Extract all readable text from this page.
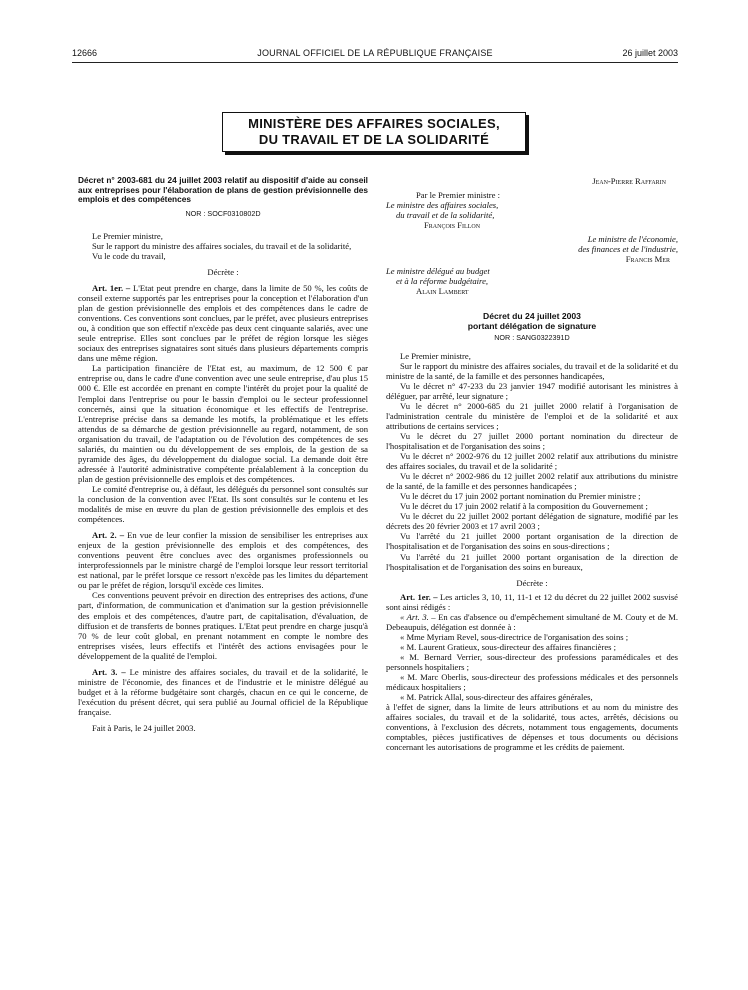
12666	JOURNAL OFFICIEL DE LA RÉPUBLIQUE FRANÇAISE	26 juillet 2003
MINISTÈRE DES AFFAIRES SOCIALES,
DU TRAVAIL ET DE LA SOLIDARITÉ

Décret n° 2003-681 du 24 juillet 2003 relatif au dispositif d'aide au conseil aux entreprises pour l'élaboration de plans de gestion prévisionnelle des emplois et des compétences

NOR : SOCF0310802D

Le Premier ministre,

Sur le rapport du ministre des affaires sociales, du travail et de la solidarité,

Vu le code du travail,

Décrète :

Art. 1er. – L'Etat peut prendre en charge, dans la limite de 50 %, les coûts de conseil externe supportés par les entreprises pour la conception et l'élaboration d'un plan de gestion prévisionnelle des emplois et des compétences dans le cadre de conventions. Ces conventions sont conclues, par le préfet, avec plusieurs entreprises ou, à condition que son effectif n'excède pas deux cent cinquante salariés, avec une seule entreprise. Elles sont conclues par le préfet de région lorsque les sièges sociaux des entreprises signataires sont situés dans plusieurs départements compris dans une même région.

La participation financière de l'Etat est, au maximum, de 12 500 € par entreprise ou, dans le cadre d'une convention avec une seule entreprise, d'au plus 15 000 €. Elle est accordée en prenant en compte l'intérêt du projet pour la qualité de l'emploi dans l'entreprise ou pour le bassin d'emploi ou le secteur professionnel concernés, ainsi que la situation économique et les effectifs de l'entreprise. L'entreprise précise dans sa demande les motifs, la problématique et les effets attendus de sa démarche de gestion prévisionnelle au regard, notamment, de son organisation du travail, de l'adaptation ou de l'évolution des compétences de ses salariés, du maintien ou du développement de ses emplois, de la gestion de sa pyramide des âges, du développement du dialogue social. La demande doit être adressée à l'autorité administrative compétente préalablement à la conception du plan de gestion prévisionnelle des emplois et des compétences.

Le comité d'entreprise ou, à défaut, les délégués du personnel sont consultés sur la conclusion de la convention avec l'Etat. Ils sont consultés sur le contenu et les modalités de mise en œuvre du plan de gestion prévisionnelle des emplois et des compétences.

Art. 2. – En vue de leur confier la mission de sensibiliser les entreprises aux enjeux de la gestion prévisionnelle des emplois et des compétences, des conventions peuvent être conclues avec des organismes professionnels ou interprofessionnels par le ministre chargé de l'emploi lorsque leur ressort territorial est national, par le préfet lorsque ce ressort n'excède pas les limites du département ou par le préfet de région, lorsqu'il excède ces limites.

Ces conventions peuvent prévoir en direction des entreprises des actions, d'une part, d'information, de communication et d'animation sur la gestion prévisionnelle des emplois et des compétences, d'autre part, de capitalisation, d'évaluation, de diffusion et de transferts de bonnes pratiques. L'Etat peut prendre en charge jusqu'à 70 % de leur coût global, en prenant notamment en compte le nombre des entreprises visées, leurs effectifs et l'intérêt des actions envisagées pour le développement de la qualité de l'emploi.

Art. 3. – Le ministre des affaires sociales, du travail et de la solidarité, le ministre de l'économie, des finances et de l'industrie et le ministre délégué au budget et à la réforme budgétaire sont chargés, chacun en ce qui le concerne, de l'exécution du présent décret, qui sera publié au Journal officiel de la République française.

Fait à Paris, le 24 juillet 2003.

Jean-Pierre Raffarin

Par le Premier ministre :

Le ministre des affaires sociales,

du travail et de la solidarité,

François Fillon

Le ministre de l'économie,

des finances et de l'industrie,

Francis Mer

Le ministre délégué au budget

et à la réforme budgétaire,

Alain Lambert

Décret du 24 juillet 2003

portant délégation de signature

NOR : SANG0322391D

Le Premier ministre,

Sur le rapport du ministre des affaires sociales, du travail et de la solidarité et du ministre de la santé, de la famille et des personnes handicapées,

Vu le décret n° 47-233 du 23 janvier 1947 modifié autorisant les ministres à déléguer, par arrêté, leur signature ;

Vu le décret n° 2000-685 du 21 juillet 2000 relatif à l'organisation de l'administration centrale du ministère de l'emploi et de la solidarité et aux attributions de certains services ;

Vu le décret du 27 juillet 2000 portant nomination du directeur de l'hospitalisation et de l'organisation des soins ;

Vu le décret n° 2002-976 du 12 juillet 2002 relatif aux attributions du ministre des affaires sociales, du travail et de la solidarité ;

Vu le décret n° 2002-986 du 12 juillet 2002 relatif aux attributions du ministre de la santé, de la famille et des personnes handicapées ;

Vu le décret du 17 juin 2002 portant nomination du Premier ministre ;

Vu le décret du 17 juin 2002 relatif à la composition du Gouvernement ;

Vu le décret du 22 juillet 2002 portant délégation de signature, modifié par les décrets des 20 février 2003 et 17 avril 2003 ;

Vu l'arrêté du 21 juillet 2000 portant organisation de la direction de l'hospitalisation et de l'organisation des soins en sous-directions ;

Vu l'arrêté du 21 juillet 2000 portant organisation de la direction de l'hospitalisation et de l'organisation des soins en bureaux,

Décrète :

Art. 1er. – Les articles 3, 10, 11, 11-1 et 12 du décret du 22 juillet 2002 susvisé sont ainsi rédigés :

« Art. 3. – En cas d'absence ou d'empêchement simultané de M. Couty et de M. Debeaupuis, délégation est donnée à :

« Mme Myriam Revel, sous-directrice de l'organisation des soins ;

« M. Laurent Gratieux, sous-directeur des affaires financières ;

« M. Bernard Verrier, sous-directeur des professions paramédicales et des personnels hospitaliers ;

« M. Marc Oberlis, sous-directeur des professions médicales et des personnels médicaux hospitaliers ;

« M. Patrick Allal, sous-directeur des affaires générales,

à l'effet de signer, dans la limite de leurs attributions et au nom du ministre des affaires sociales, du travail et de la solidarité, tous actes, arrêtés, décisions ou conventions, à l'exclusion des décrets, notamment tous engagements, documents comptables, pièces justificatives de dépenses et tous documents ou décisions concernant les autorisations de programme et les crédits de paiement.
